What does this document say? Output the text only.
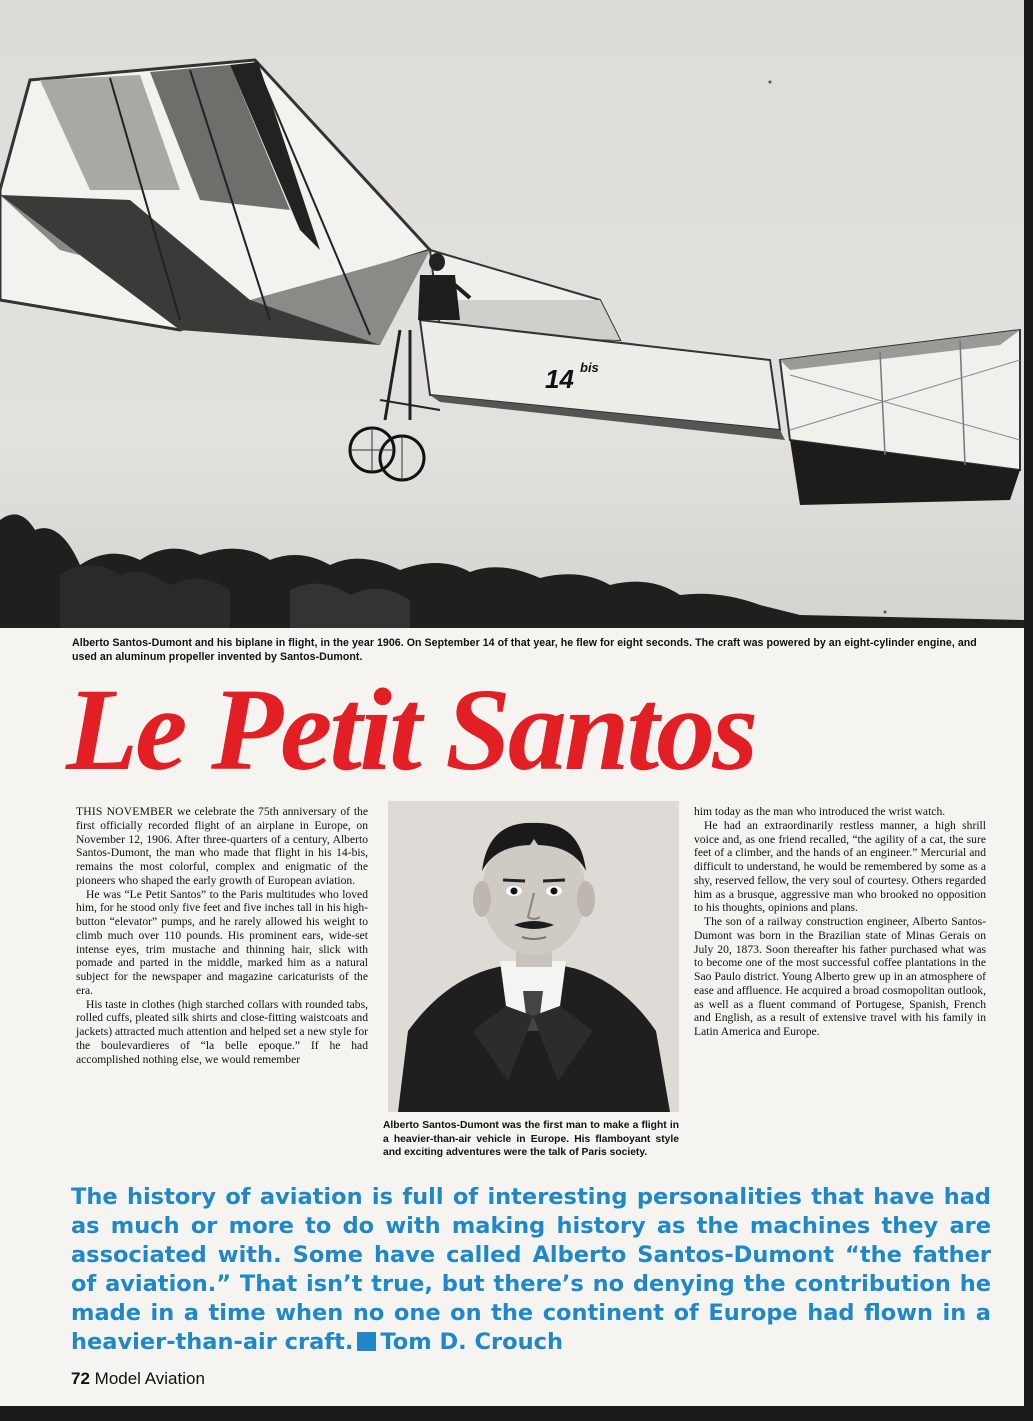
14 bis
Alberto Santos-Dumont and his biplane in flight, in the year 1906. On September 14 of that year, he flew for eight seconds. The craft was powered by an eight-cylinder engine, and used an aluminum propeller invented by Santos-Dumont.
Le Petit Santos

THIS NOVEMBER we celebrate the 75th anniversary of the first officially recorded flight of an airplane in Europe, on November 12, 1906. After three-quarters of a century, Alberto Santos-Dumont, the man who made that flight in his 14-bis, remains the most colorful, complex and enigmatic of the pioneers who shaped the early growth of European aviation.

He was “Le Petit Santos” to the Paris multitudes who loved him, for he stood only five feet and five inches tall in his high-button “elevator” pumps, and he rarely allowed his weight to climb much over 110 pounds. His prominent ears, wide-set intense eyes, trim mustache and thinning hair, slick with pomade and parted in the middle, marked him as a natural subject for the newspaper and magazine caricaturists of the era.

His taste in clothes (high starched collars with rounded tabs, rolled cuffs, pleated silk shirts and close-fitting waistcoats and jackets) attracted much attention and helped set a new style for the boulevardieres of “la belle epoque.” If he had accomplished nothing else, we would remember

Alberto Santos-Dumont was the first man to make a flight in a heavier-than-air vehicle in Europe. His flamboyant style and exciting adventures were the talk of Paris society.

him today as the man who introduced the wrist watch.

He had an extraordinarily restless manner, a high shrill voice and, as one friend recalled, “the agility of a cat, the sure feet of a climber, and the hands of an engineer.” Mercurial and difficult to understand, he would be remembered by some as a shy, reserved fellow, the very soul of courtesy. Others regarded him as a brusque, aggressive man who brooked no opposition to his thoughts, opinions and plans.

The son of a railway construction engineer, Alberto Santos-Dumont was born in the Brazilian state of Minas Gerais on July 20, 1873. Soon thereafter his father purchased what was to become one of the most successful coffee plantations in the Sao Paulo district. Young Alberto grew up in an atmosphere of ease and affluence. He acquired a broad cosmopolitan outlook, as well as a fluent command of Portugese, Spanish, French and English, as a result of extensive travel with his family in Latin America and Europe.

The history of aviation is full of interesting personalities that have had as much or more to do with making history as the machines they are associated with. Some have called Alberto Santos-Dumont “the father of aviation.” That isn’t true, but there’s no denying the contribution he made in a time when no one on the continent of Europe had flown in a heavier-than-air craft. Tom D. Crouch

72 Model Aviation
